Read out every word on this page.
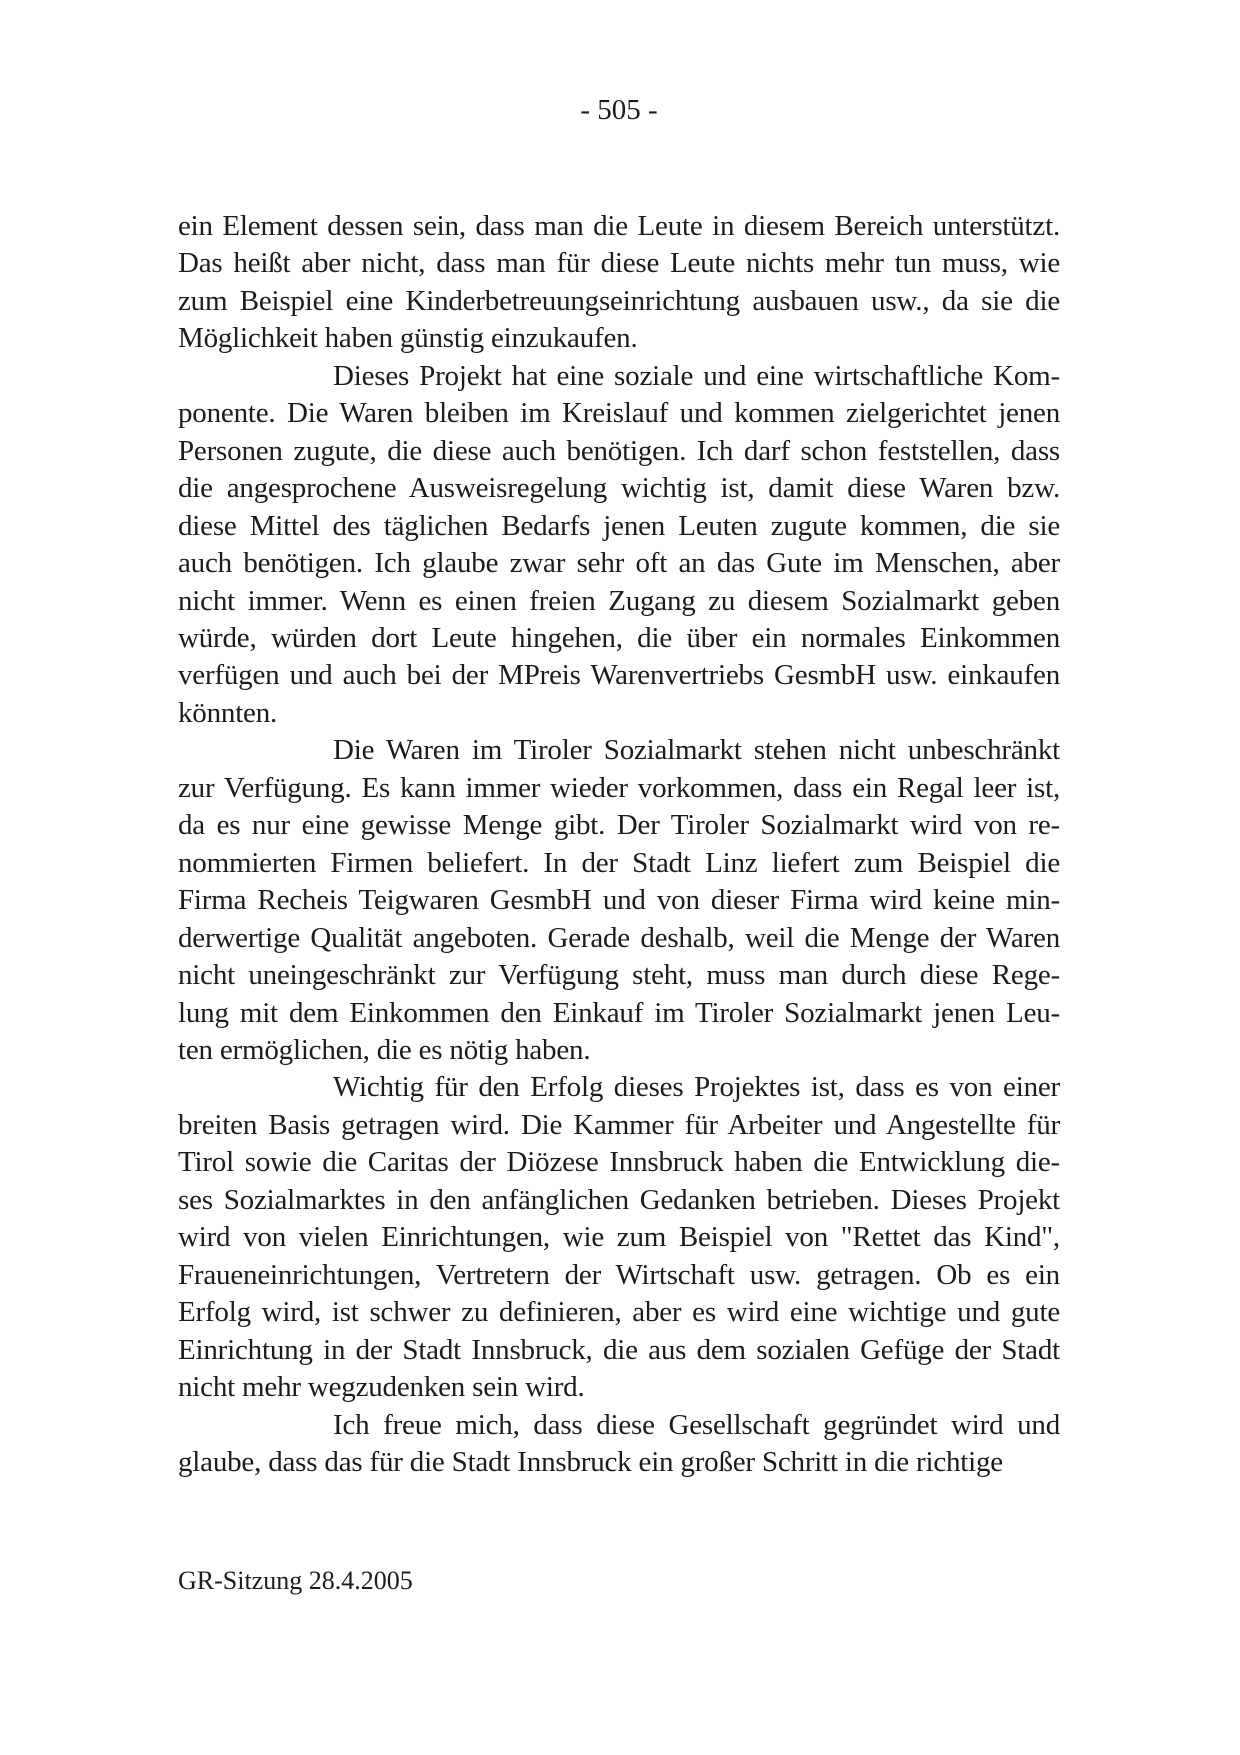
- 505 -
ein Element dessen sein, dass man die Leute in diesem Bereich unterstützt.
Das heißt aber nicht, dass man für diese Leute nichts mehr tun muss, wie
zum Beispiel eine Kinderbetreuungseinrichtung ausbauen usw., da sie die
Möglichkeit haben günstig einzukaufen.
Dieses Projekt hat eine soziale und eine wirtschaftliche Kom-
ponente. Die Waren bleiben im Kreislauf und kommen zielgerichtet jenen
Personen zugute, die diese auch benötigen. Ich darf schon feststellen, dass
die angesprochene Ausweisregelung wichtig ist, damit diese Waren bzw.
diese Mittel des täglichen Bedarfs jenen Leuten zugute kommen, die sie
auch benötigen. Ich glaube zwar sehr oft an das Gute im Menschen, aber
nicht immer. Wenn es einen freien Zugang zu diesem Sozialmarkt geben
würde, würden dort Leute hingehen, die über ein normales Einkommen
verfügen und auch bei der MPreis Warenvertriebs GesmbH usw. einkaufen
könnten.
Die Waren im Tiroler Sozialmarkt stehen nicht unbeschränkt
zur Verfügung. Es kann immer wieder vorkommen, dass ein Regal leer ist,
da es nur eine gewisse Menge gibt. Der Tiroler Sozialmarkt wird von re-
nommierten Firmen beliefert. In der Stadt Linz liefert zum Beispiel die
Firma Recheis Teigwaren GesmbH und von dieser Firma wird keine min-
derwertige Qualität angeboten. Gerade deshalb, weil die Menge der Waren
nicht uneingeschränkt zur Verfügung steht, muss man durch diese Rege-
lung mit dem Einkommen den Einkauf im Tiroler Sozialmarkt jenen Leu-
ten ermöglichen, die es nötig haben.
Wichtig für den Erfolg dieses Projektes ist, dass es von einer
breiten Basis getragen wird. Die Kammer für Arbeiter und Angestellte für
Tirol sowie die Caritas der Diözese Innsbruck haben die Entwicklung die-
ses Sozialmarktes in den anfänglichen Gedanken betrieben. Dieses Projekt
wird von vielen Einrichtungen, wie zum Beispiel von "Rettet das Kind",
Fraueneinrichtungen, Vertretern der Wirtschaft usw. getragen. Ob es ein
Erfolg wird, ist schwer zu definieren, aber es wird eine wichtige und gute
Einrichtung in der Stadt Innsbruck, die aus dem sozialen Gefüge der Stadt
nicht mehr wegzudenken sein wird.
Ich freue mich, dass diese Gesellschaft gegründet wird und
glaube, dass das für die Stadt Innsbruck ein großer Schritt in die richtige
GR-Sitzung 28.4.2005
